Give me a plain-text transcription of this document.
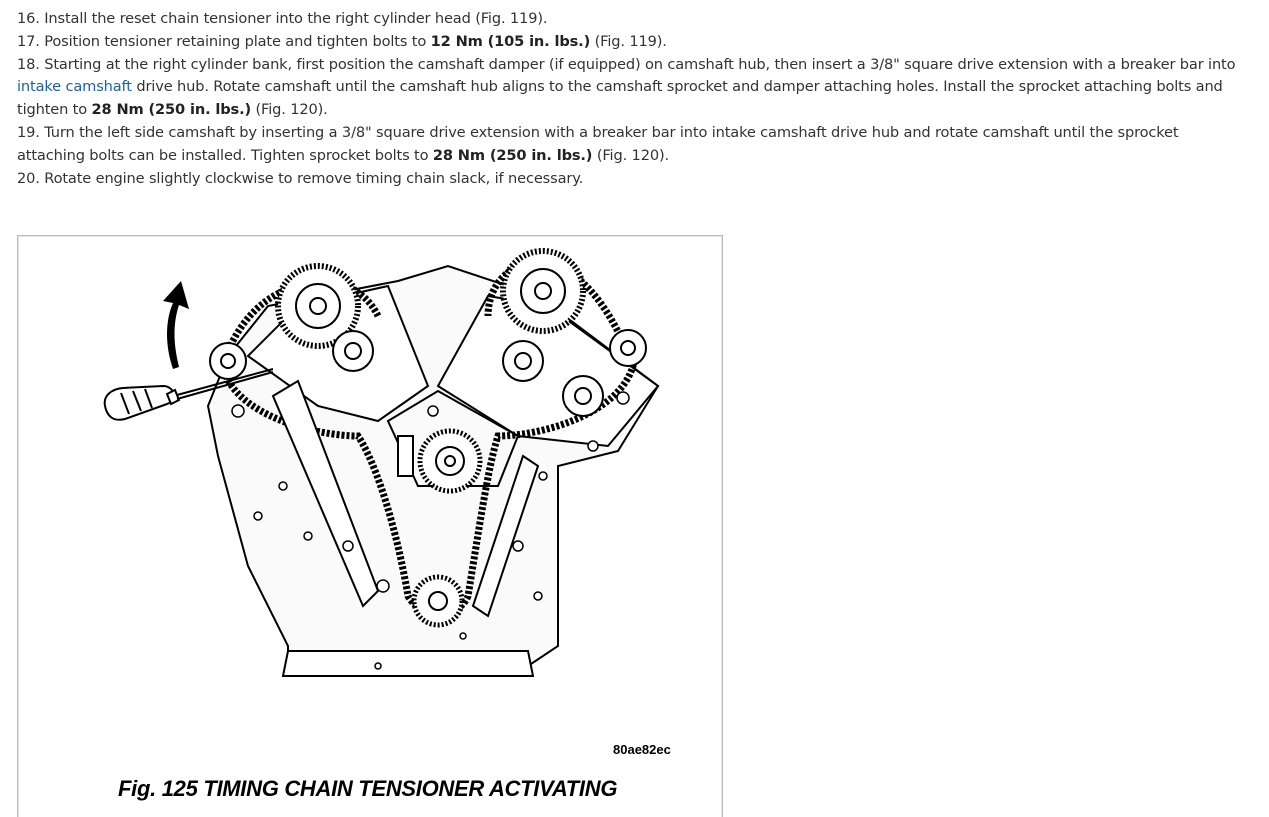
16. Install the reset chain tensioner into the right cylinder head (Fig. 119).

17. Position tensioner retaining plate and tighten bolts to 12 Nm (105 in. lbs.) (Fig. 119).

18. Starting at the right cylinder bank, first position the camshaft damper (if equipped) on camshaft hub, then insert a 3/8" square drive extension with a breaker bar into intake camshaft drive hub. Rotate camshaft until the camshaft hub aligns to the camshaft sprocket and damper attaching holes. Install the sprocket attaching bolts and tighten to 28 Nm (250 in. lbs.) (Fig. 120).

19. Turn the left side camshaft by inserting a 3/8" square drive extension with a breaker bar into intake camshaft drive hub and rotate camshaft until the sprocket attaching bolts can be installed. Tighten sprocket bolts to 28 Nm (250 in. lbs.) (Fig. 120).

20. Rotate engine slightly clockwise to remove timing chain slack, if necessary.

80ae82ec
Fig. 125 TIMING CHAIN TENSIONER ACTIVATING
